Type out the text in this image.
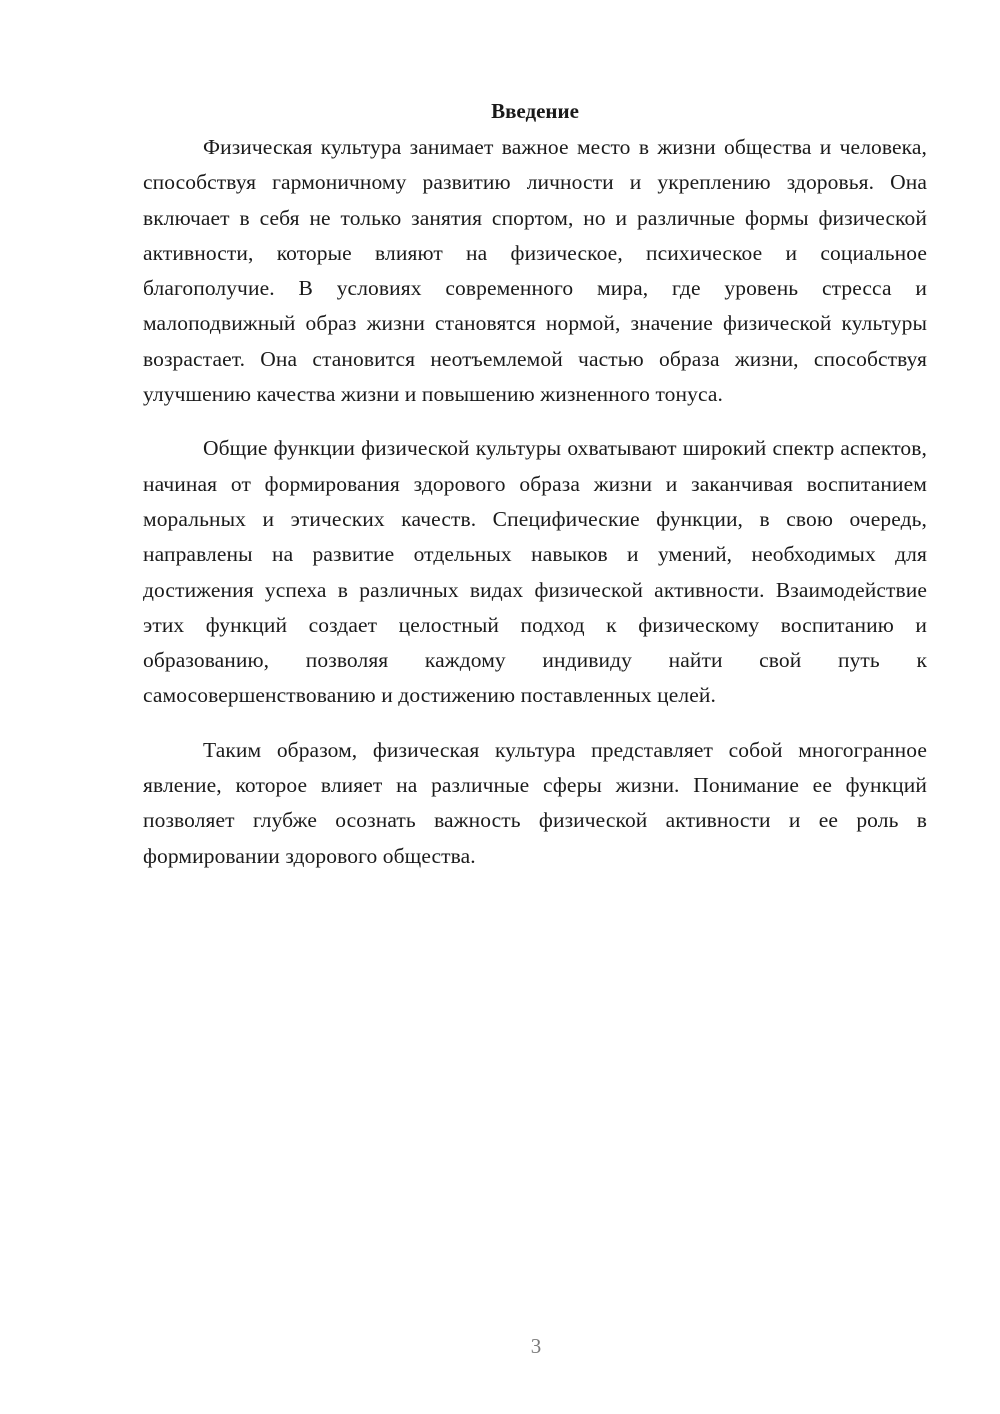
Введение

Физическая культура занимает важное место в жизни общества и человека, способствуя гармоничному развитию личности и укреплению здоровья. Она включает в себя не только занятия спортом, но и различные формы физической активности, которые влияют на физическое, психическое и социальное благополучие. В условиях современного мира, где уровень стресса и малоподвижный образ жизни становятся нормой, значение физической культуры возрастает. Она становится неотъемлемой частью образа жизни, способствуя улучшению качества жизни и повышению жизненного тонуса.

Общие функции физической культуры охватывают широкий спектр аспектов, начиная от формирования здорового образа жизни и заканчивая воспитанием моральных и этических качеств. Специфические функции, в свою очередь, направлены на развитие отдельных навыков и умений, необходимых для достижения успеха в различных видах физической активности. Взаимодействие этих функций создает целостный подход к физическому воспитанию и образованию, позволяя каждому индивиду найти свой путь к самосовершенствованию и достижению поставленных целей.

Таким образом, физическая культура представляет собой многогранное явление, которое влияет на различные сферы жизни. Понимание ее функций позволяет глубже осознать важность физической активности и ее роль в формировании здорового общества.

3
